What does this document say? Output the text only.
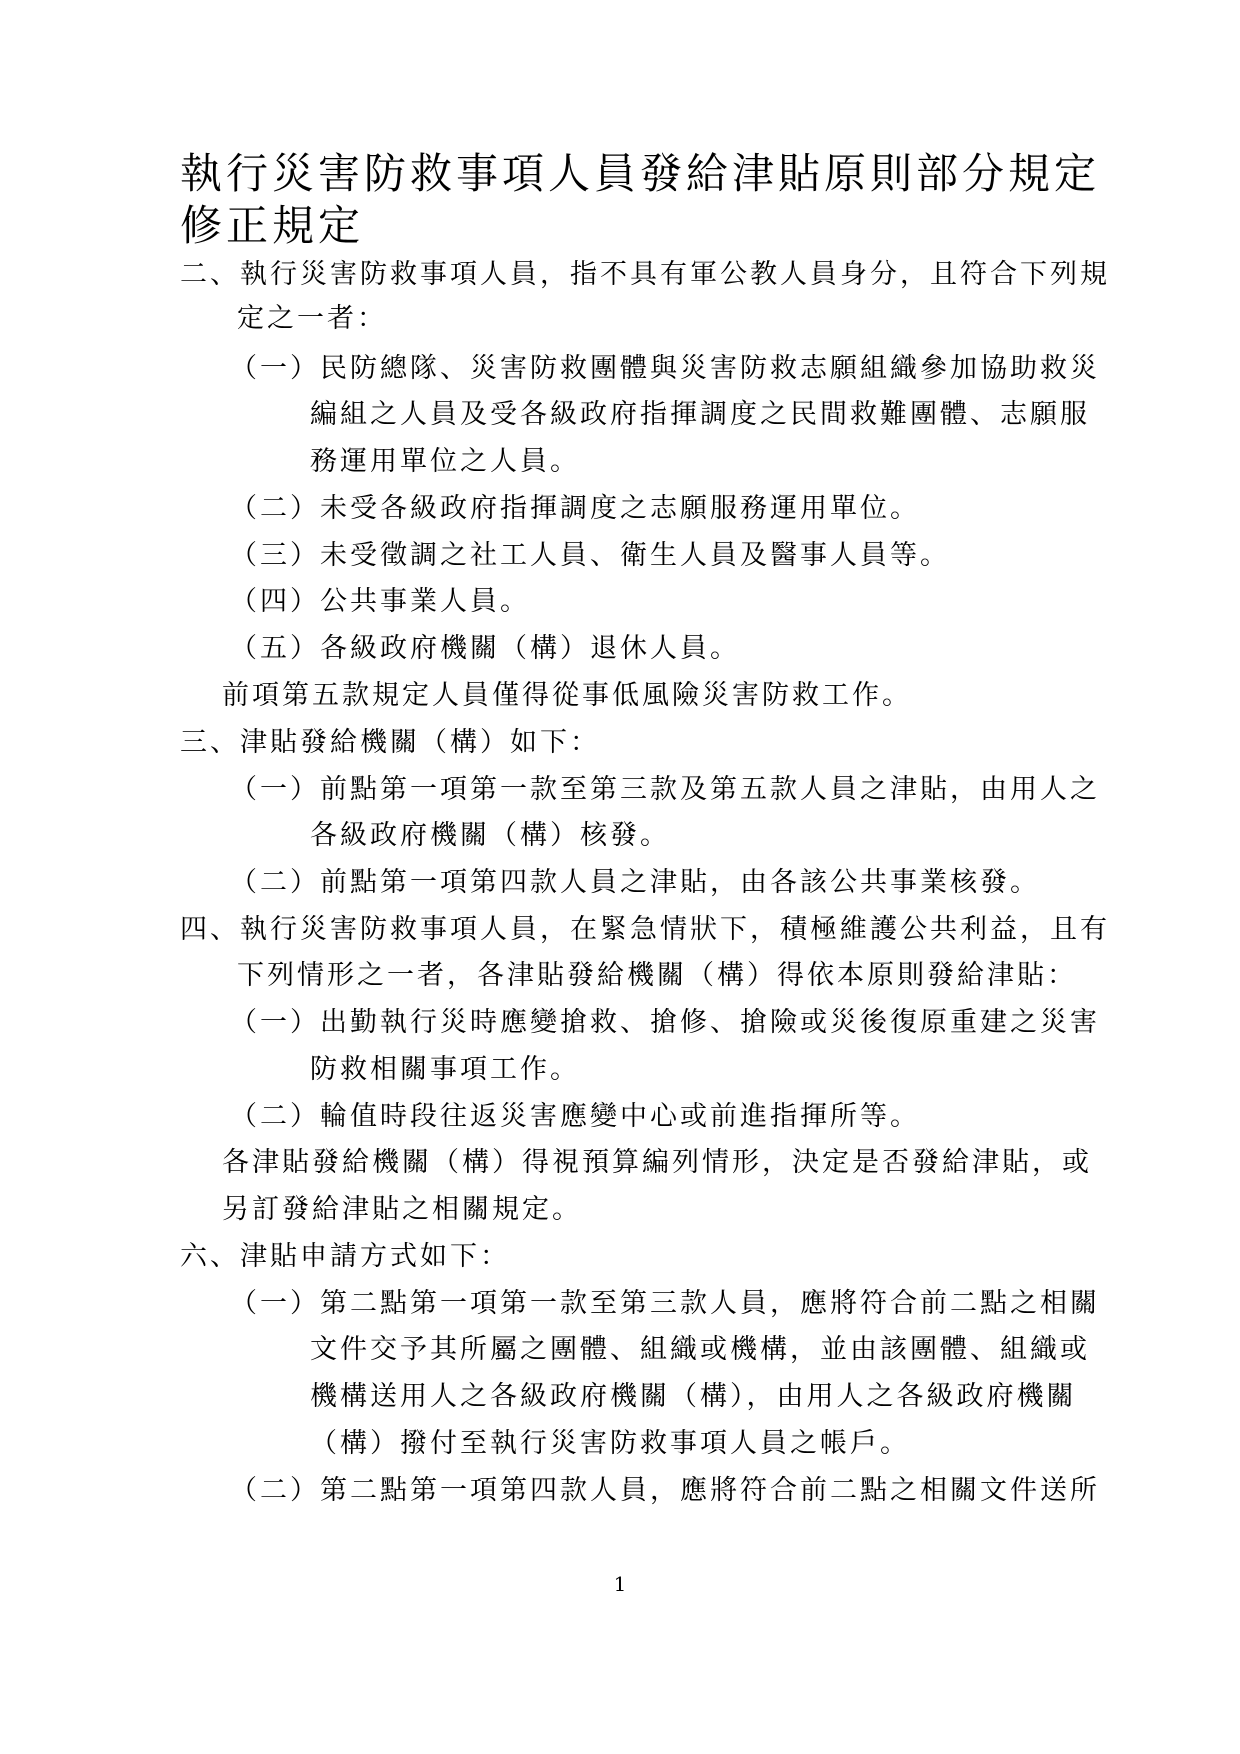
執行災害防救事項人員發給津貼原則部分規定修正規定
二、執行災害防救事項人員，指不具有軍公教人員身分，且符合下列規
定之一者：
（一）民防總隊、災害防救團體與災害防救志願組織參加協助救災
編組之人員及受各級政府指揮調度之民間救難團體、志願服
務運用單位之人員。
（二）未受各級政府指揮調度之志願服務運用單位。
（三）未受徵調之社工人員、衛生人員及醫事人員等。
（四）公共事業人員。
（五）各級政府機關（構）退休人員。
前項第五款規定人員僅得從事低風險災害防救工作。
三、津貼發給機關（構）如下：
（一）前點第一項第一款至第三款及第五款人員之津貼，由用人之
各級政府機關（構）核發。
（二）前點第一項第四款人員之津貼，由各該公共事業核發。
四、執行災害防救事項人員，在緊急情狀下，積極維護公共利益，且有
下列情形之一者，各津貼發給機關（構）得依本原則發給津貼：
（一）出勤執行災時應變搶救、搶修、搶險或災後復原重建之災害
防救相關事項工作。
（二）輪值時段往返災害應變中心或前進指揮所等。
各津貼發給機關（構）得視預算編列情形，決定是否發給津貼，或
另訂發給津貼之相關規定。
六、津貼申請方式如下：
（一）第二點第一項第一款至第三款人員，應將符合前二點之相關
文件交予其所屬之團體、組織或機構，並由該團體、組織或
機構送用人之各級政府機關（構），由用人之各級政府機關
（構）撥付至執行災害防救事項人員之帳戶。
（二）第二點第一項第四款人員，應將符合前二點之相關文件送所
1
